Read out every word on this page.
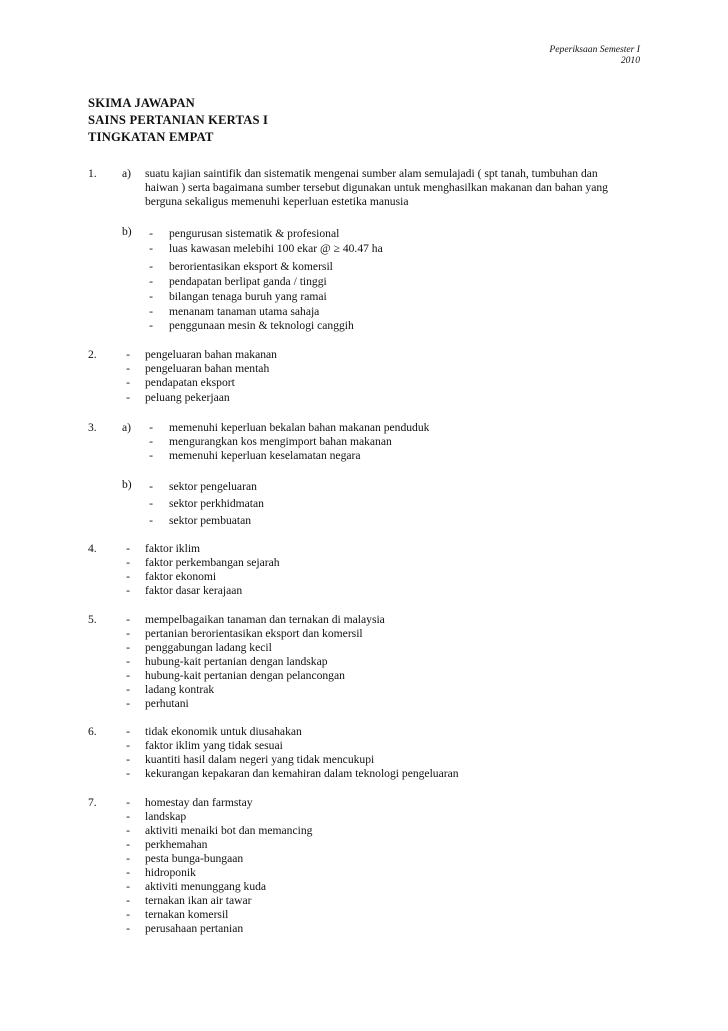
Peperiksaan Semester I
2010
SKIMA JAWAPAN
SAINS PERTANIAN KERTAS I
TINGKATAN EMPAT
1.	a)	suatu kajian saintifik dan sistematik mengenai sumber alam semulajadi ( spt tanah, tumbuhan dan
haiwan ) serta bagaimana sumber tersebut digunakan untuk menghasilkan makanan dan bahan yang
berguna sekaligus memenuhi keperluan estetika manusia
b)	-	pengurusan sistematik & profesional
-	luas kawasan melebihi 100 ekar @ ≥ 40.47 ha
-	berorientasikan eksport & komersil
-	pendapatan berlipat ganda / tinggi
-	bilangan tenaga buruh yang ramai
-	menanam tanaman utama sahaja
-	penggunaan mesin & teknologi canggih
2.	-	pengeluaran bahan makanan
-	pengeluaran bahan mentah
-	pendapatan eksport
-	peluang pekerjaan
3.	a)	-	memenuhi keperluan bekalan bahan makanan penduduk
-	mengurangkan kos mengimport bahan makanan
-	memenuhi keperluan keselamatan negara
b)	-	sektor pengeluaran
-	sektor perkhidmatan
-	sektor pembuatan
4.	-	faktor iklim
-	faktor perkembangan sejarah
-	faktor ekonomi
-	faktor dasar kerajaan
5.	-	mempelbagaikan tanaman dan ternakan di malaysia
-	pertanian berorientasikan eksport dan komersil
-	penggabungan ladang kecil
-	hubung-kait pertanian dengan landskap
-	hubung-kait pertanian dengan pelancongan
-	ladang kontrak
-	perhutani
6.	-	tidak ekonomik untuk diusahakan
-	faktor iklim yang tidak sesuai
-	kuantiti hasil dalam negeri yang tidak mencukupi
-	kekurangan kepakaran dan kemahiran dalam teknologi pengeluaran
7.	-	homestay dan farmstay
-	landskap
-	aktiviti menaiki bot dan memancing
-	perkhemahan
-	pesta bunga-bungaan
-	hidroponik
-	aktiviti menunggang kuda
-	ternakan ikan air tawar
-	ternakan komersil
-	perusahaan pertanian
